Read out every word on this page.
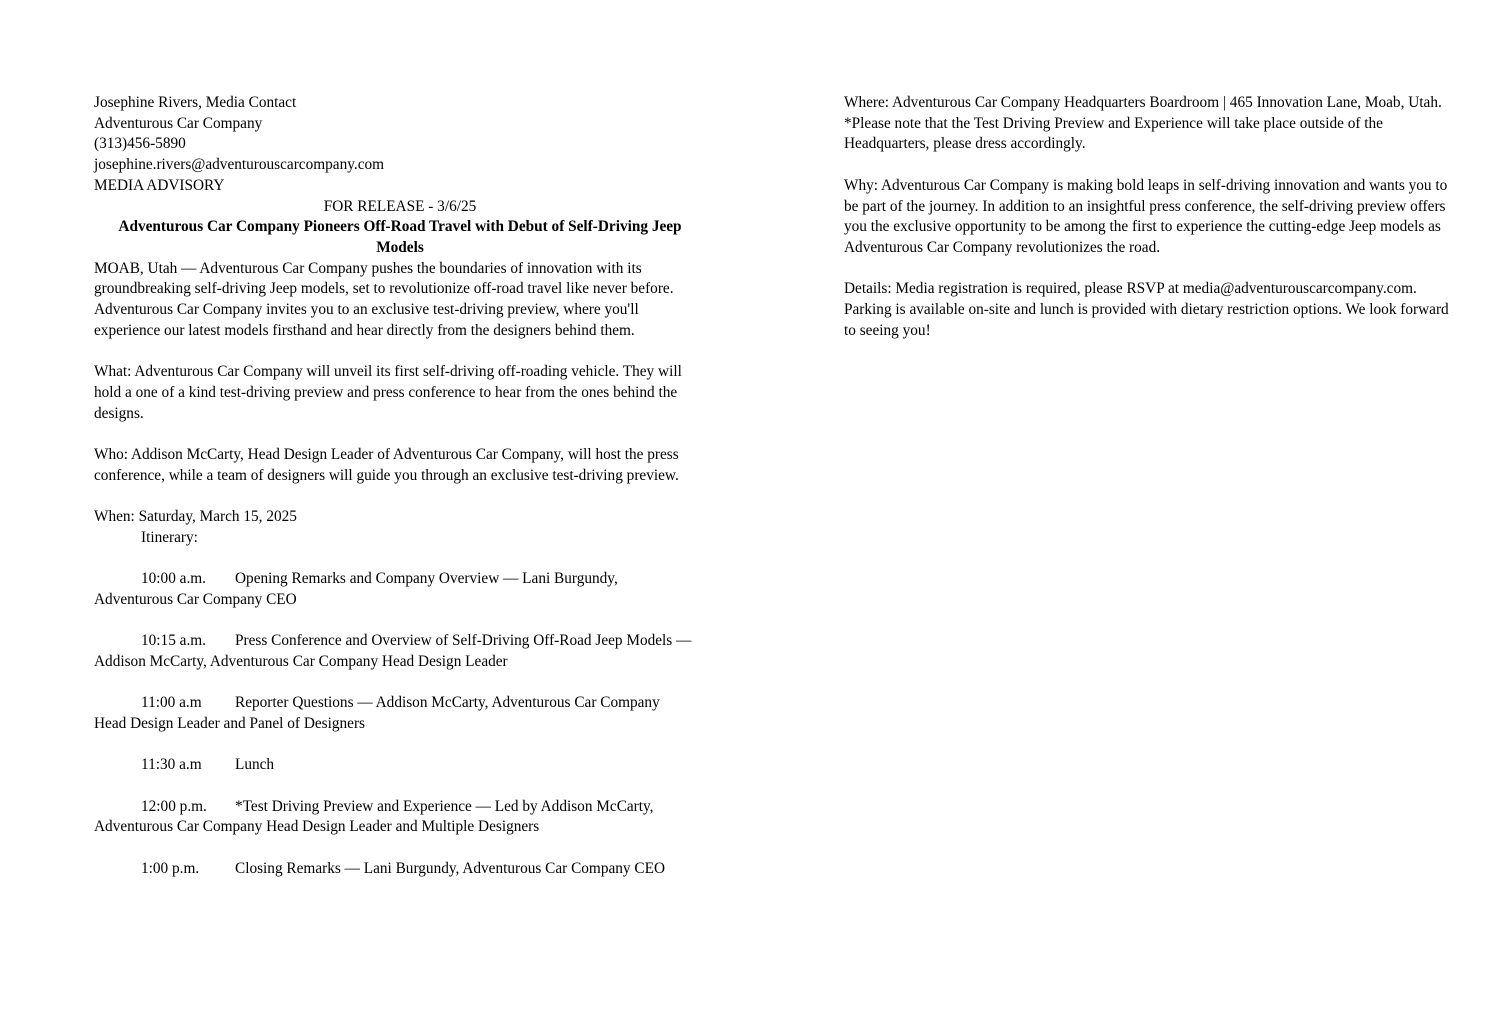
Josephine Rivers, Media Contact
Adventurous Car Company
(313)456-5890
josephine.rivers@adventurouscarcompany.com
MEDIA ADVISORY
FOR RELEASE - 3/6/25
Adventurous Car Company Pioneers Off-Road Travel with Debut of Self-Driving Jeep Models

MOAB, Utah — Adventurous Car Company pushes the boundaries of innovation with its groundbreaking self-driving Jeep models, set to revolutionize off-road travel like never before. Adventurous Car Company invites you to an exclusive test-driving preview, where you'll experience our latest models firsthand and hear directly from the designers behind them.

What: Adventurous Car Company will unveil its first self-driving off-roading vehicle. They will hold a one of a kind test-driving preview and press conference to hear from the ones behind the designs.

Who: Addison McCarty, Head Design Leader of Adventurous Car Company, will host the press conference, while a team of designers will guide you through an exclusive test-driving preview.

When: Saturday, March 15, 2025
Itinerary:
10:00 a.m. Opening Remarks and Company Overview — Lani Burgundy,
Adventurous Car Company CEO
10:15 a.m. Press Conference and Overview of Self-Driving Off-Road Jeep Models —
Addison McCarty, Adventurous Car Company Head Design Leader
11:00 a.m Reporter Questions — Addison McCarty, Adventurous Car Company
Head Design Leader and Panel of Designers
11:30 a.m Lunch
12:00 p.m. *Test Driving Preview and Experience — Led by Addison McCarty,
Adventurous Car Company Head Design Leader and Multiple Designers
1:00 p.m. Closing Remarks — Lani Burgundy, Adventurous Car Company CEO

Where: Adventurous Car Company Headquarters Boardroom | 465 Innovation Lane, Moab, Utah. *Please note that the Test Driving Preview and Experience will take place outside of the Headquarters, please dress accordingly.

Why: Adventurous Car Company is making bold leaps in self-driving innovation and wants you to be part of the journey. In addition to an insightful press conference, the self-driving preview offers you the exclusive opportunity to be among the first to experience the cutting-edge Jeep models as Adventurous Car Company revolutionizes the road.

Details: Media registration is required, please RSVP at media@adventurouscarcompany.com. Parking is available on-site and lunch is provided with dietary restriction options. We look forward to seeing you!
